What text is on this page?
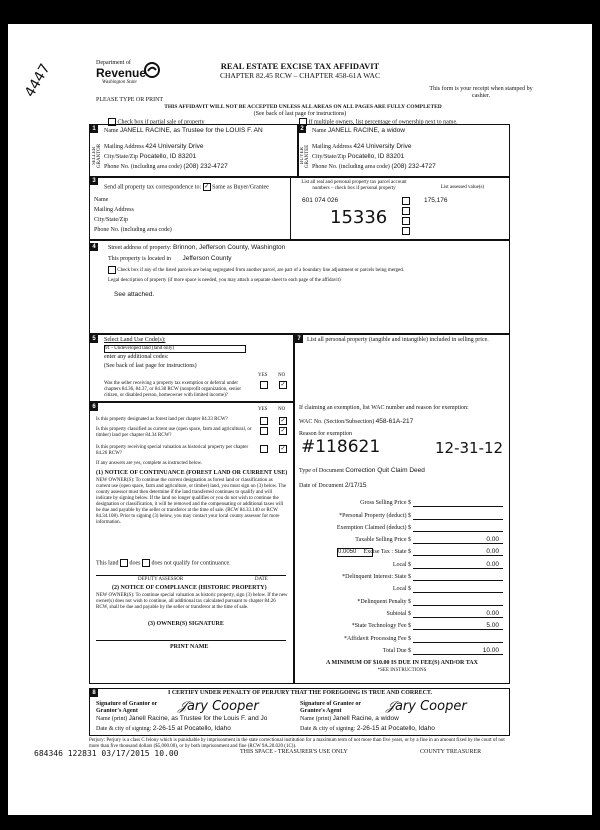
4447	Department of
Revenue
Washington State
PLEASE TYPE OR PRINT
REAL ESTATE EXCISE TAX AFFIDAVIT
CHAPTER 82.45 RCW – CHAPTER 458-61A WAC
THIS AFFIDAVIT WILL NOT BE ACCEPTED UNLESS ALL AREAS ON ALL PAGES ARE FULLY COMPLETED
(See back of last page for instructions)
This form is your receipt when stamped by cashier.
Check box if partial sale of property	If multiple owners, list percentage of ownership next to name.
1
SELLER GRANTOR
Name JANELL RACINE, as Trustee for the LOUIS F. AN
Mailing Address 424 University Drive
City/State/Zip Pocatello, ID 83201
Phone No. (including area code) (208) 232-4727
2
BUYER GRANTEE
Name JANELL RACINE, a widow
Mailing Address 424 University Drive
City/State/Zip Pocatello, ID 83201
Phone No. (including area code) (208) 232-4727
3
Send all property tax correspondence to: ✓ Same as Buyer/Grantee
Name
Mailing Address
City/State/Zip
Phone No. (including area code)
List all real and personal property tax parcel account numbers – check box if personal property	List assessed value(s)
601 074 026	175,176
15336
4	Street address of property: Brinnon, Jefferson County, Washington
This property is located in Jefferson County
Check box if any of the listed parcels are being segregated from another parcel, are part of a boundary line adjustment or parcels being merged.
Legal description of property (if more space is needed, you may attach a separate sheet to each page of the affidavit)
See attached.
5	Select Land Use Code(s):
91 - Undeveloped land (land only)
enter any additional codes:
(See back of last page for instructions)
YES NO
Was the seller receiving a property tax exemption or deferral under chapters 84.36, 84.37, or 84.38 RCW (nonprofit organization, senior citizen, or disabled person, homeowner with limited income)?
✓
6	YES NO
Is this property designated as forest land per chapter 84.33 RCW?	✓
Is this property classified as current use (open space, farm and agricultural, or timber) land per chapter 84.34 RCW?
✓
Is this property receiving special valuation as historical property per chapter 84.26 RCW?
✓
If any answers are yes, complete as instructed below.
(1) NOTICE OF CONTINUANCE (FOREST LAND OR CURRENT USE)
NEW OWNER(S): To continue the current designation as forest land or classification as current use (open space, farm and agriculture, or timber) land, you must sign on (3) below. The county assessor must then determine if the land transferred continues to qualify and will indicate by signing below. If the land no longer qualifies or you do not wish to continue the designation or classification, it will be removed and the compensating or additional taxes will be due and payable by the seller or transferor at the time of sale. (RCW 84.33.140 or RCW 84.34.108). Prior to signing (3) below, you may contact your local county assessor for more information.
This land does does not qualify for continuance.
DEPUTY ASSESSOR	DATE
(2) NOTICE OF COMPLIANCE (HISTORIC PROPERTY)
NEW OWNER(S): To continue special valuation as historic property, sign (3) below. If the new owner(s) does not wish to continue, all additional tax calculated pursuant to chapter 84.26 RCW, shall be due and payable by the seller or transferor at the time of sale.
(3) OWNER(S) SIGNATURE
PRINT NAME
7	List all personal property (tangible and intangible) included in selling price.
If claiming an exemption, list WAC number and reason for exemption:
WAC No. (Section/Subsection) 458-61A-217
Reason for exemption
#118621	12-31-12
Type of Document Correction Quit Claim Deed
Date of Document 2/17/15
Gross Selling Price $
*Personal Property (deduct) $
Exemption Claimed (deduct) $
Taxable Selling Price $	0.00
Excise Tax : State $	0.00
Local $	0.00
*Delinquent Interest: State $
Local $
*Delinquent Penalty $
Subtotal $	0.00
*State Technology Fee $	5.00
*Affidavit Processing Fee $
Total Due $	10.00
0.0050
A MINIMUM OF $10.00 IS DUE IN FEE(S) AND/OR TAX
*SEE INSTRUCTIONS
8	I CERTIFY UNDER PENALTY OF PERJURY THAT THE FOREGOING IS TRUE AND CORRECT.
Signature of Grantor or Grantor's Agent	𝒥ary Cooper	Signature of Grantee or Grantee's Agent	𝒥ary Cooper
Name (print) Janell Racine, as Trustee for the Louis F. and Jo	Name (print) Janell Racine, a widow
Date & city of signing: 2-26-15 at Pocatello, Idaho	Date & city of signing: 2-26-15 at Pocatello, Idaho
Perjury: Perjury is a class C felony which is punishable by imprisonment in the state correctional institution for a maximum term of not more than five years, or by a fine in an amount fixed by the court of not more than five thousand dollars ($5,000.00), or by both imprisonment and fine (RCW 9A.20.020 (1C)).
684346 122831 03/17/2015 10.00	THIS SPACE - TREASURER'S USE ONLY	COUNTY TREASURER
